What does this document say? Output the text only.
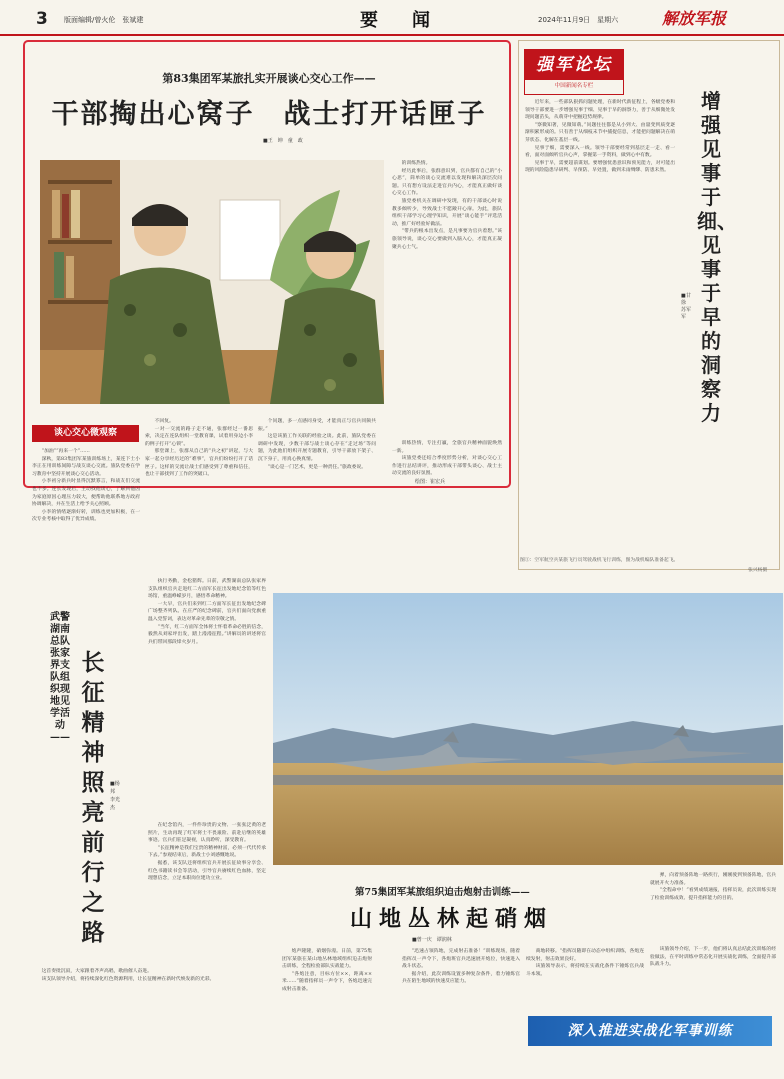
3 版面编辑/曾火伦　张斌建	要　闻	2024年11月9日　星期六	解放军报
第83集团军某旅扎实开展谈心交心工作——
干部掏出心窝子　战士打开话匣子
■王　坤　童　政
谈心交心微观察

“加油”“再来一个”……

深秋，第83集团军某旅训练场上，某连下士小李正在用训练间隙与战友谈心交流。旅队党委在学习教育中坚持开展谈心交心活动。

小李初分新兵时显得沉默寡言，和战友们交流也不多。连长发现后，主动找他谈心，了解到他因为家庭原因心理压力较大，便帮助他联系地方政府协调解决，并在生活上给予关心照顾。

小李的情绪逐渐好转，训练也更加积极，在一次专业考核中取得了优异成绩。

不回复。

一对一交流的路子走不通，张群经过一番思索，决定在连队组织一堂教育课，试着用身边小李的例子打开“心锁”。

那堂课上，张群从自己的“兵之初”讲起，与大家一起分享经历过的“难事”，官兵们纷纷打开了话匣子。这样的交流让战士们感受到了尊重和信任，也让干部找到了工作的突破口。

个问题，多一点感同身受，才能真正与官兵同频共振。”

这是该旅工作关联的经验之谈。此前，旅队党委在调研中发现，少数干部与战士谈心存在“走过场”等问题，为此他们组织开展专题教育，引导干部放下架子、沉下身子，用真心换真情。

“谈心是一门艺术，更是一种责任。”旅政委说。

的训练热情。

经历此事后，张群意识到，官兵都有自己的“小心思”，简单的谈心交流难以发现和解决深层次问题。只有想方设法走进官兵内心，才能真正做好谈心交心工作。

旅党委机关在调研中发现，有的干部谈心时说教多倾听少，导致战士不愿敞开心扉。为此，旅队组织干部学习心理学知识，开展“谈心能手”评选活动，推广好经验好做法。

“带兵的根本出发点，是凡事要为官兵着想。”该旅领导说，谈心交心要做到入脑入心，才能真正凝聚兵心士气。

训练热情，专注打赢，全旅官兵精神面貌焕然一新。

该旅党委还结合季度形势分析，对谈心交心工作进行总结讲评，推动形成干部带头谈心、战士主动交流的良好氛围。

绘图：崔宏兵
强军论坛
中国新闻名专栏
增强见事于细、见事于早的洞察力
■甘　徐　苏军军

近年来，一些部队狠抓问题处理，在新时代新征程上，各级党委和领导干部要进一步增强见事于细、见事于早的洞察力，善于从细微处发现问题苗头，从萌芽中把握趋势规律。

“察微知著，见微知萌。”问题往往都是从小到大、由量变到质变逐渐积累形成的。只有善于从细枝末节中捕捉信息，才能把问题解决在萌芽状态、化解在基层一线。

见事于细，需要深入一线。领导干部要经常到基层走一走、看一看，面对面倾听官兵心声，掌握第一手资料，做到心中有数。

见事于早，需要超前谋划。要增强忧患意识和预见能力，对可能出现的风险隐患早研判、早预防、早处置，做到未雨绸缪、防患未然。

图①：空军航空兵某旅飞行员驾驶战机飞行训练，图为战机编队准备起飞。
张兴杨摄
武警湖南总队张家界支队组织现地见学活动——
长征精神照亮前行之路
■杨　邦　李光杰

执行务勤，金松猪辉。日前，武警湖南总队张家界支队组织官兵走进红二方面军长征出发地纪念馆等红色场馆，重温峥嵘岁月，感悟革命精神。

一大早，官兵们来到红二方面军长征出发地纪念碑广场整齐列队。在庄严的纪念碑前，官兵们面向党旗重温入党誓词，表达对革命先辈的崇敬之情。

“当年，红二方面军全体将士怀着革命必胜的信念，毅然从刘家坪出发，踏上漫漫征程。”讲解员的讲述将官兵们带回那段烽火岁月。

在纪念馆内，一件件珍贵的文物、一张张泛黄的老照片，生动再现了红军将士不畏艰险、前赴后继的英雄事迹。官兵们驻足凝视，认真聆听，深受教育。

“长征精神是我们宝贵的精神财富，必须一代代传承下去。”参观结束后，新战士小刘感慨地说。

据悉，该支队还将组织官兵开展长征故事分享会、红色书籍读书会等活动，引导官兵赓续红色血脉，坚定理想信念，立足本职岗位建功立业。

这首奏批沉寂，大家跟着齐声高唱，歌曲催人奋进。

该支队领导介绍，将持续深化红色资源利用，让长征精神在新时代焕发新的光彩。

第75集团军某旅组织迫击炮射击训练——
山地丛林起硝烟
■曾一庆　谭润林

炮声隆隆，硝烟弥漫。日前，第75集团军某旅在某山地丛林地域组织迫击炮射击训练，全程检验部队实战能力。

“各炮注意，目标方位××，距离××米……”随着指挥员一声令下，各炮迅速完成射击准备。

“迅速占领阵地，完成射击准备！”训练现场，随着指挥员一声令下，各炮班官兵迅速展开炮位，快速进入战斗状态。

据介绍，此次训练设置多种复杂条件，着力锤炼官兵在陌生地域的快速反应能力。

商地转移。“指挥员随即在动态中组织训练，各炮连续发射，射击效果良好。

该旅领导表示，将持续在实战化条件下锤炼官兵战斗本领。

弹，向着预备阵地一路疾行，刚刚驶到预备阵地，官兵就展开火力准备。

“全程命中！”看到成绩通报，指挥员说，此次训练实现了检验训练成效、提升指挥能力的目的。

该旅领导介绍，下一步，他们将认真总结此次训练的经验做法，在平时训练中常态化开展实战化训练，全面提升部队战斗力。

深入推进实战化军事训练
